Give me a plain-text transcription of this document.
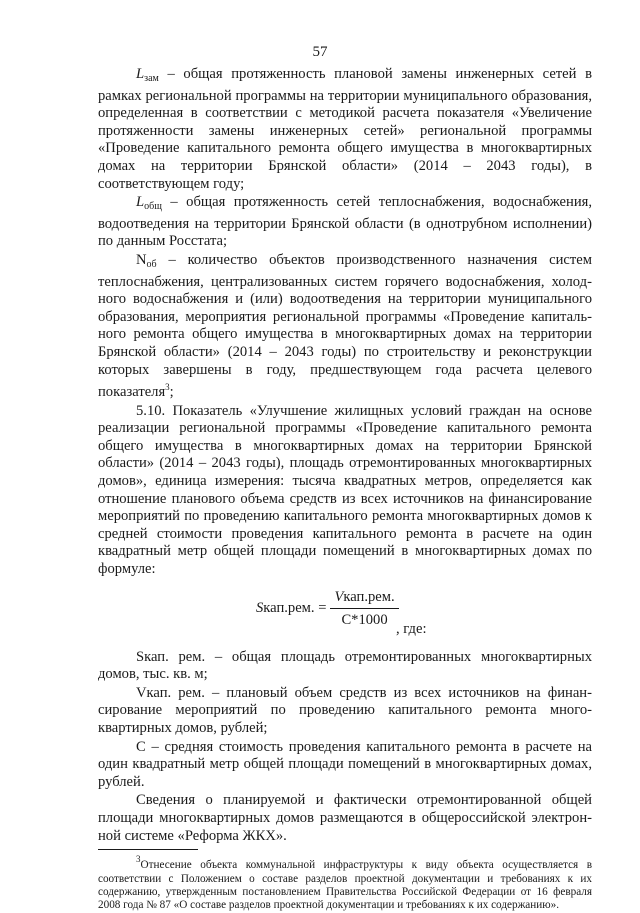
57

$L_{зам}$ – общая протяженность плановой замены инженерных сетей в рамках региональной программы на территории муниципального образования, определенная в соответствии с методикой расчета показателя «Увеличение протяженности замены инженерных сетей» региональной программы «Проведение капитального ремонта общего имущества в многоквартирных домах на территории Брянской области» (2014 – 2043 годы), в соответствующем году;

$L_{общ}$ – общая протяженность сетей теплоснабжения, водоснабжения, водоотведения на территории Брянской области (в однотрубном исполнении) по данным Росстата;

$N_{об}$ – количество объектов производственного назначения систем теплоснабжения, централизованных систем горячего водоснабжения, холодного водоснабжения и (или) водоотведения на территории муниципального образования, мероприятия региональной программы «Проведение капитального ремонта общего имущества в многоквартирных домах на территории Брянской области» (2014 – 2043 годы) по строительству и реконструкции которых завершены в году, предшествующем года расчета целевого показателя$^3$;

5.10. Показатель «Улучшение жилищных условий граждан на основе реализации региональной программы «Проведение капитального ремонта общего имущества в многоквартирных домах на территории Брянской области» (2014 – 2043 годы), площадь отремонтированных многоквартирных домов», единица измерения: тысяча квадратных метров, определяется как отношение планового объема средств из всех источников на финансирование мероприятий по проведению капитального ремонта многоквартирных домов к средней стоимости проведения капитального ремонта в расчете на один квадратный метр общей площади помещений в многоквартирных домах по формуле:

Sкап.рем. = $\frac{\text{Vкап.рем.}}{С*1000}$
, где:

Sкап. рем. – общая площадь отремонтированных многоквартирных домов, тыс. кв. м;

Vкап. рем. – плановый объем средств из всех источников на финансирование мероприятий по проведению капитального ремонта многоквартирных домов, рублей;

С – средняя стоимость проведения капитального ремонта в расчете на один квадратный метр общей площади помещений в многоквартирных домах, рублей.

Сведения о планируемой и фактически отремонтированной общей площади многоквартирных домов размещаются в общероссийской электронной системе «Реформа ЖКХ».

$^3$Отнесение объекта коммунальной инфраструктуры к виду объекта осуществляется в соответствии с Положением о составе разделов проектной документации и требованиях к их содержанию, утвержденным постановлением Правительства Российской Федерации от 16 февраля 2008 года № 87 «О составе разделов проектной документации и требованиях к их содержанию».
